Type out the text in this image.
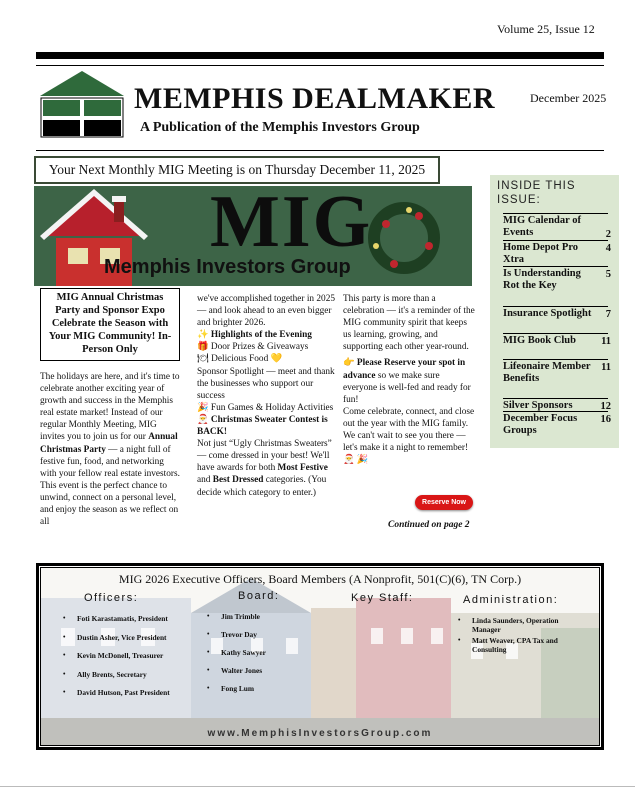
Volume 25, Issue 12
MEMPHIS DEALMAKER
A Publication of the Memphis Investors Group
December 2025
Your Next Monthly MIG Meeting is on Thursday December 11, 2025
MIG
Memphis Investors Group
INSIDE THIS ISSUE:
MIG Calendar of Events	2
Home Depot Pro Xtra
4
Is Understanding Rot the Key
5
Insurance Spotlight 7
MIG Book Club	11
Lifeonaire Member Benefits
11
Silver Sponsors	12
December Focus Groups
16
MIG Annual Christmas Party and Sponsor Expo Celebrate the Season with Your MIG Community! In-Person Only

The holidays are here, and it's time to celebrate another exciting year of growth and success in the Memphis real estate market! Instead of our regular Monthly Meeting, MIG invites you to join us for our Annual Christmas Party — a night full of festive fun, food, and networking with your fellow real estate investors. This event is the perfect chance to unwind, connect on a personal level, and enjoy the season as we reflect on all

we've accomplished together in 2025 — and look ahead to an even bigger and brighter 2026.

✨ Highlights of the Evening

🎁 Door Prizes & Giveaways

🍽 Delicious Food 💛

Sponsor Spotlight — meet and thank the businesses who support our success

🎉 Fun Games & Holiday Activities

🎅 Christmas Sweater Contest is BACK!

Not just “Ugly Christmas Sweaters” — come dressed in your best! We'll have awards for both Most Festive and Best Dressed categories. (You decide which category to enter.)

This party is more than a celebration — it's a reminder of the MIG community spirit that keeps us learning, growing, and supporting each other year-round.

👉 Please Reserve your spot in advance so we make sure everyone is well-fed and ready for fun!

Come celebrate, connect, and close out the year with the MIG family.

We can't wait to see you there — let's make it a night to remember! 🎅 🎉

Reserve Now
Continued on page 2
MIG 2026 Executive Officers, Board Members (A Nonprofit, 501(C)(6), TN Corp.)
Officers:	Board:	Key Staff:	Administration:
• Foti Karastamatis, President
• Dustin Asher, Vice President
• Kevin McDonell, Treasurer
• Ally Brents, Secretary
• David Hutson, Past President
• Jim Trimble
• Trevor Day
• Kathy Sawyer
• Walter Jones
• Fong Lum
• Linda Saunders, Operation Manager
• Matt Weaver, CPA Tax and Consulting
www.MemphisInvestorsGroup.com
